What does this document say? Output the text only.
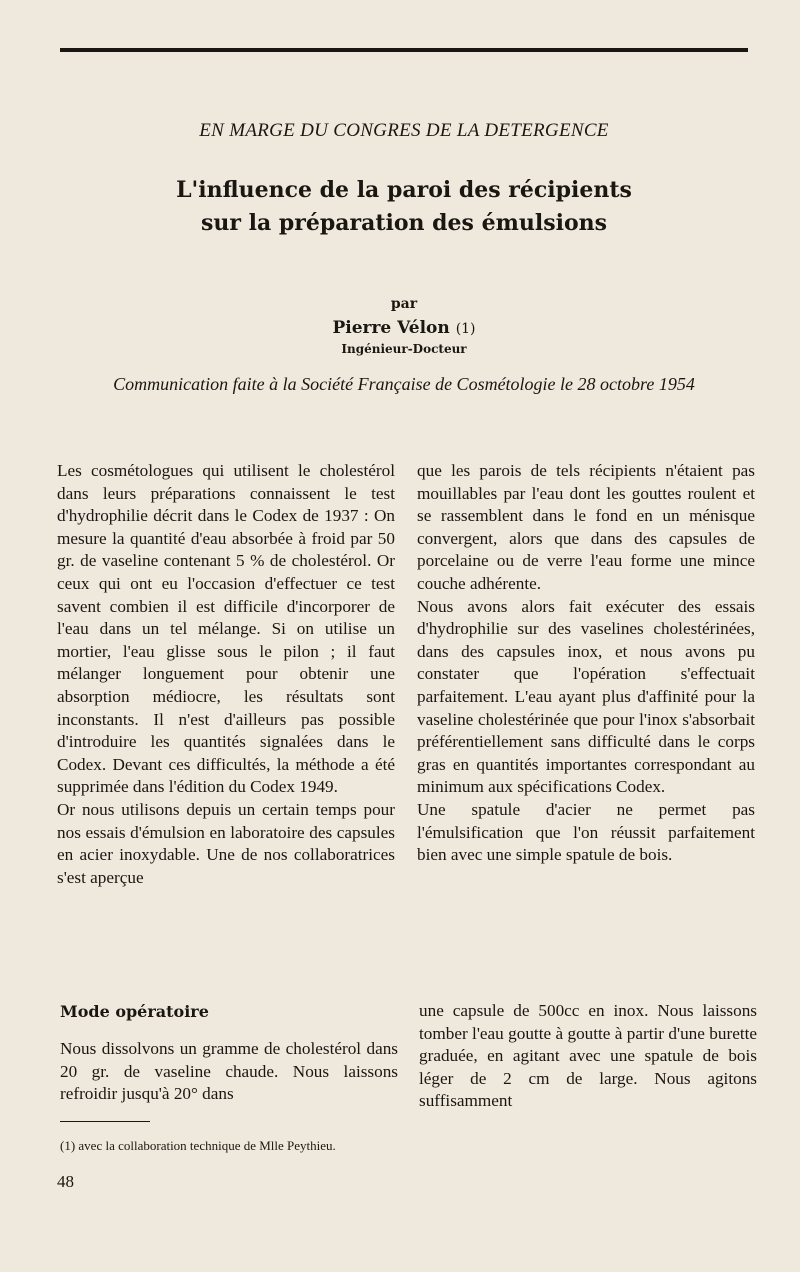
EN MARGE DU CONGRES DE LA DETERGENCE
L'influence de la paroi des récipients
sur la préparation des émulsions
par
Pierre Vélon (1)
Ingénieur-Docteur
Communication faite à la Société Française de Cosmétologie le 28 octobre 1954

Les cosmétologues qui utilisent le cholestérol dans leurs préparations connaissent le test d'hydrophilie décrit dans le Codex de 1937 : On mesure la quantité d'eau absorbée à froid par 50 gr. de vaseline contenant 5 % de cholestérol. Or ceux qui ont eu l'occasion d'effectuer ce test savent combien il est difficile d'incorporer de l'eau dans un tel mélange. Si on utilise un mortier, l'eau glisse sous le pilon ; il faut mélanger longuement pour obtenir une absorption médiocre, les résultats sont inconstants. Il n'est d'ailleurs pas possible d'introduire les quantités signalées dans le Codex. Devant ces difficultés, la méthode a été supprimée dans l'édition du Codex 1949.

Or nous utilisons depuis un certain temps pour nos essais d'émulsion en laboratoire des capsules en acier inoxydable. Une de nos collaboratrices s'est aperçue

que les parois de tels récipients n'étaient pas mouillables par l'eau dont les gouttes roulent et se rassemblent dans le fond en un ménisque convergent, alors que dans des capsules de porcelaine ou de verre l'eau forme une mince couche adhérente.

Nous avons alors fait exécuter des essais d'hydrophilie sur des vaselines cholestérinées, dans des capsules inox, et nous avons pu constater que l'opération s'effectuait parfaitement. L'eau ayant plus d'affinité pour la vaseline cholestérinée que pour l'inox s'absorbait préférentiellement sans difficulté dans le corps gras en quantités importantes correspondant au minimum aux spécifications Codex.

Une spatule d'acier ne permet pas l'émulsification que l'on réussit parfaitement bien avec une simple spatule de bois.

Mode opératoire

Nous dissolvons un gramme de cholestérol dans 20 gr. de vaseline chaude. Nous laissons refroidir jusqu'à 20° dans

une capsule de 500cc en inox. Nous laissons tomber l'eau goutte à goutte à partir d'une burette graduée, en agitant avec une spatule de bois léger de 2 cm de large. Nous agitons suffisamment

(1) avec la collaboration technique de Mlle Peythieu.
48
